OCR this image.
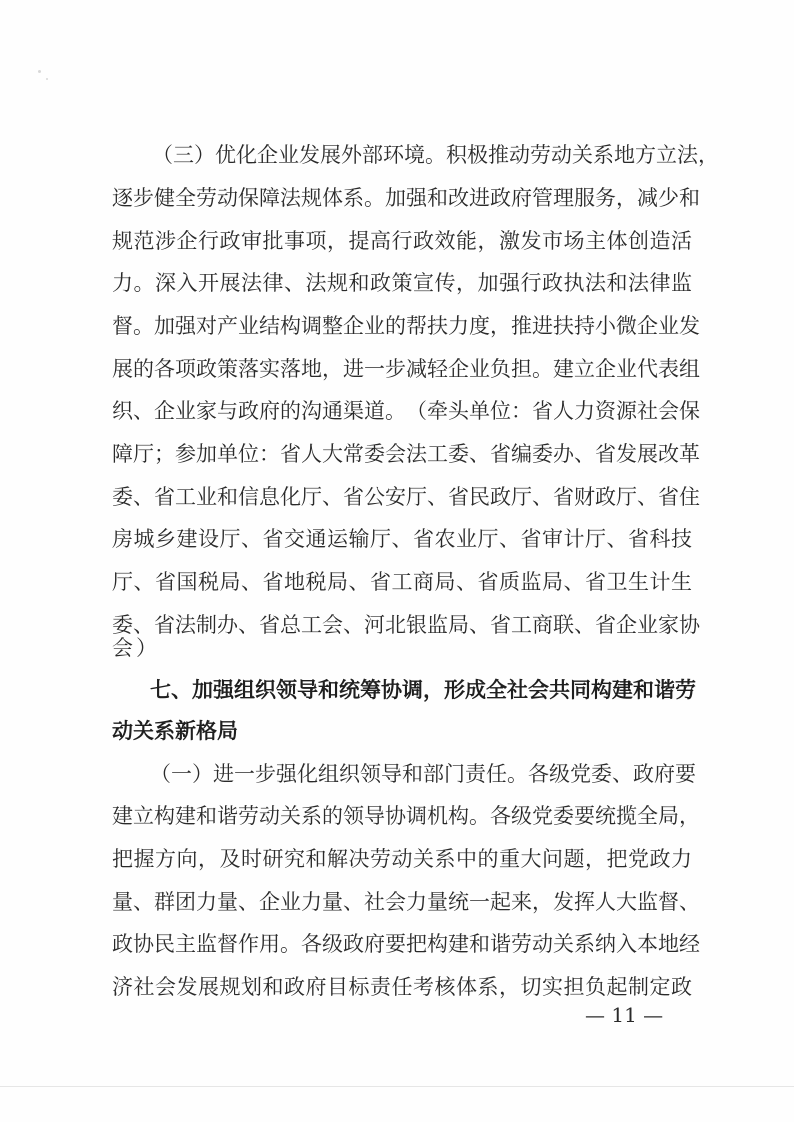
（ 三 ） 优 化 企 业 发 展 外 部 环 境 。 积 极 推 动 劳 动 关 系 地 方 立 法 ，
逐 步 健 全 劳 动 保 障 法 规 体 系 。 加 强 和 改 进 政 府 管 理 服 务 ， 减 少 和
规 范 涉 企 行 政 审 批 事 项 ， 提 高 行 政 效 能 ， 激 发 市 场 主 体 创 造 活
力 。 深 入 开 展 法 律 、 法 规 和 政 策 宣 传 ， 加 强 行 政 执 法 和 法 律 监
督 。 加 强 对 产 业 结 构 调 整 企 业 的 帮 扶 力 度 ， 推 进 扶 持 小 微 企 业 发
展 的 各 项 政 策 落 实 落 地 ， 进 一 步 减 轻 企 业 负 担 。 建 立 企 业 代 表 组
织 、 企 业 家 与 政 府 的 沟 通 渠 道 。 （ 牵 头 单 位 ： 省 人 力 资 源 社 会 保
障 厅 ； 参 加 单 位 ： 省 人 大 常 委 会 法 工 委 、 省 编 委 办 、 省 发 展 改 革
委 、 省 工 业 和 信 息 化 厅 、 省 公 安 厅 、 省 民 政 厅 、 省 财 政 厅 、 省 住
房 城 乡 建 设 厅 、 省 交 通 运 输 厅 、 省 农 业 厅 、 省 审 计 厅 、 省 科 技
厅 、 省 国 税 局 、 省 地 税 局 、 省 工 商 局 、 省 质 监 局 、 省 卫 生 计 生
委 、 省 法 制 办 、 省 总 工 会 、 河 北 银 监 局 、 省 工 商 联 、 省 企 业 家 协
会 ）
七 、 加 强 组 织 领 导 和 统 筹 协 调 ， 形 成 全 社 会 共 同 构 建 和 谐 劳
动关系新格局
（ 一 ） 进 一 步 强 化 组 织 领 导 和 部 门 责 任 。 各 级 党 委 、 政 府 要
建 立 构 建 和 谐 劳 动 关 系 的 领 导 协 调 机 构 。 各 级 党 委 要 统 揽 全 局 ，
把 握 方 向 ， 及 时 研 究 和 解 决 劳 动 关 系 中 的 重 大 问 题 ， 把 党 政 力
量 、 群 团 力 量 、 企 业 力 量 、 社 会 力 量 统 一 起 来 ， 发 挥 人 大 监 督 、
政 协 民 主 监 督 作 用 。 各 级 政 府 要 把 构 建 和 谐 劳 动 关 系 纳 入 本 地 经
济 社 会 发 展 规 划 和 政 府 目 标 责 任 考 核 体 系 ， 切 实 担 负 起 制 定 政
— 11 —
